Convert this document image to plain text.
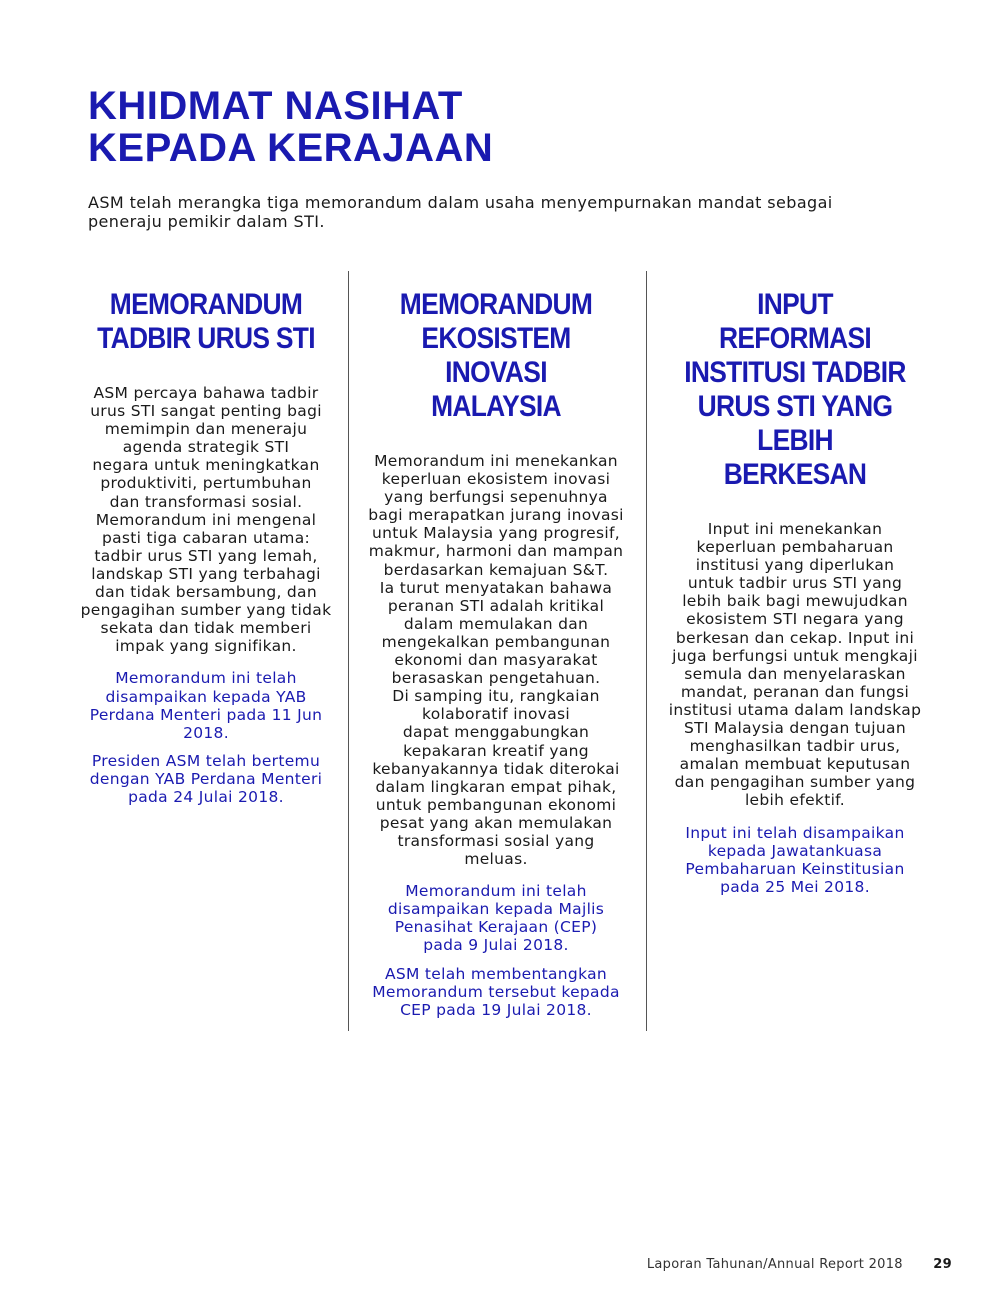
KHIDMAT NASIHAT
KEPADA KERAJAAN

ASM telah merangka tiga memorandum dalam usaha menyempurnakan mandat sebagai peneraju pemikir dalam STI.

MEMORANDUM
TADBIR URUS STI

ASM percaya bahawa tadbir
urus STI sangat penting bagi
memimpin dan meneraju
agenda strategik STI
negara untuk meningkatkan
produktiviti, pertumbuhan
dan transformasi sosial.
Memorandum ini mengenal
pasti tiga cabaran utama:
tadbir urus STI yang lemah,
landskap STI yang terbahagi
dan tidak bersambung, dan
pengagihan sumber yang tidak
sekata dan tidak memberi
impak yang signifikan.

Memorandum ini telah
disampaikan kepada YAB
Perdana Menteri pada 11 Jun
2018.

Presiden ASM telah bertemu
dengan YAB Perdana Menteri
pada 24 Julai 2018.

MEMORANDUM
EKOSISTEM INOVASI
MALAYSIA

Memorandum ini menekankan
keperluan ekosistem inovasi
yang berfungsi sepenuhnya
bagi merapatkan jurang inovasi
untuk Malaysia yang progresif,
makmur, harmoni dan mampan
berdasarkan kemajuan S&T.
Ia turut menyatakan bahawa
peranan STI adalah kritikal
dalam memulakan dan
mengekalkan pembangunan
ekonomi dan masyarakat
berasaskan pengetahuan.
Di samping itu, rangkaian
kolaboratif inovasi
dapat menggabungkan
kepakaran kreatif yang
kebanyakannya tidak diterokai
dalam lingkaran empat pihak,
untuk pembangunan ekonomi
pesat yang akan memulakan
transformasi sosial yang
meluas.

Memorandum ini telah
disampaikan kepada Majlis
Penasihat Kerajaan (CEP)
pada 9 Julai 2018.

ASM telah membentangkan
Memorandum tersebut kepada
CEP pada 19 Julai 2018.

INPUT REFORMASI
INSTITUSI TADBIR
URUS STI YANG LEBIH
BERKESAN

Input ini menekankan
keperluan pembaharuan
institusi yang diperlukan
untuk tadbir urus STI yang
lebih baik bagi mewujudkan
ekosistem STI negara yang
berkesan dan cekap. Input ini
juga berfungsi untuk mengkaji
semula dan menyelaraskan
mandat, peranan dan fungsi
institusi utama dalam landskap
STI Malaysia dengan tujuan
menghasilkan tadbir urus,
amalan membuat keputusan
dan pengagihan sumber yang
lebih efektif.

Input ini telah disampaikan
kepada Jawatankuasa
Pembaharuan Keinstitusian
pada 25 Mei 2018.

Laporan Tahunan/Annual Report 2018 29
